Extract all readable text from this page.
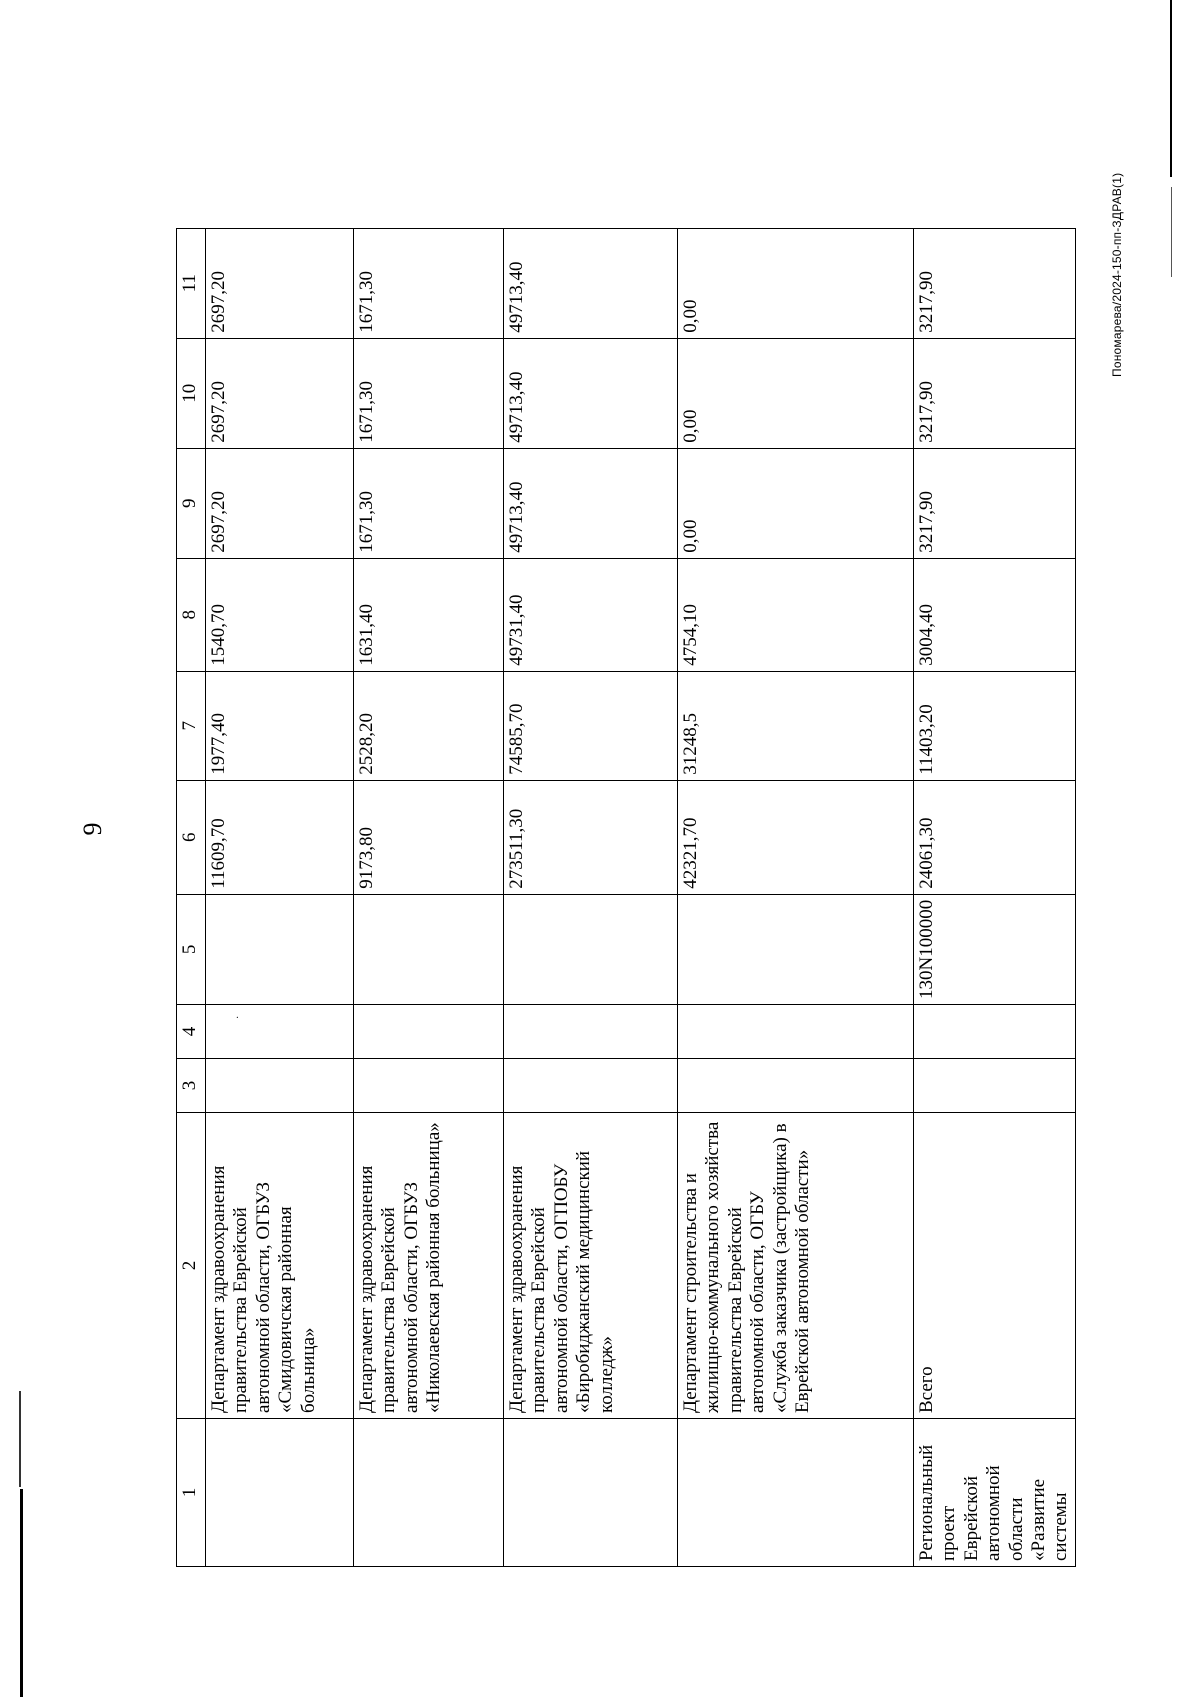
9
·
1	2	3	4	5	6	7	8	9	10	11
	Департамент здравоохранения правительства Еврейской автономной области, ОГБУЗ «Смидовичская районная больница»				11609,70	1977,40	1540,70	2697,20	2697,20	2697,20
	Департамент здравоохранения правительства Еврейской автономной области, ОГБУЗ «Николаевская районная больница»				9173,80	2528,20	1631,40	1671,30	1671,30	1671,30
	Департамент здравоохранения правительства Еврейской автономной области, ОГПОБУ «Биробиджанский медицинский колледж»				273511,30	74585,70	49731,40	49713,40	49713,40	49713,40
	Департамент строительства и жилищно-коммунального хозяйства правительства Еврейской автономной области, ОГБУ «Служба заказчика (застройщика) в Еврейской автономной области»				42321,70	31248,5	4754,10	0,00	0,00	0,00
Региональный проект Еврейской автономной области «Развитие системы	Всего			130N100000	24061,30	11403,20	3004,40	3217,90	3217,90	3217,90	Пономарева/2024-150-пп-ЗДРАВ(1)
